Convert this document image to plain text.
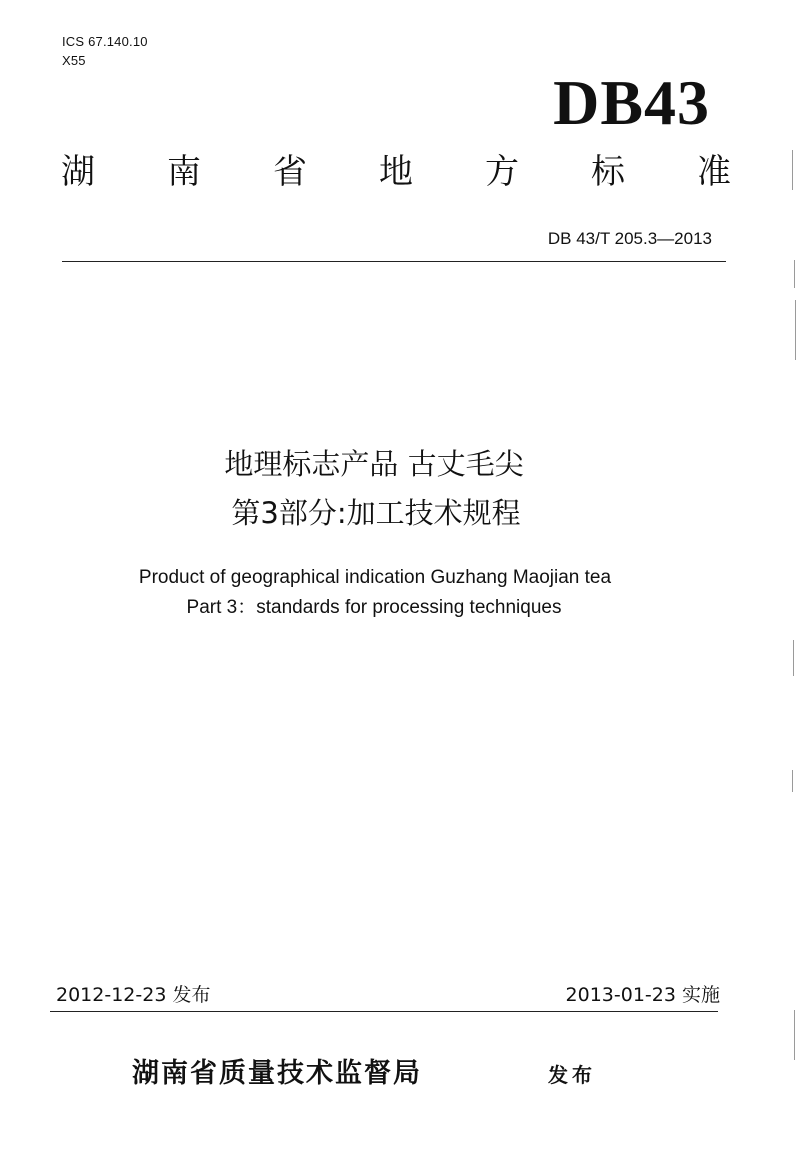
ICS 67.140.10
X55
DB43
湖 南 省 地 方 标 准
DB 43/T 205.3—2013
地理标志产品 古丈毛尖
第3部分:加工技术规程
Product of geographical indication Guzhang Maojian tea
Part 3：standards for processing techniques
2012-12-23 发布	2013-01-23 实施
湖南省质量技术监督局	发布
